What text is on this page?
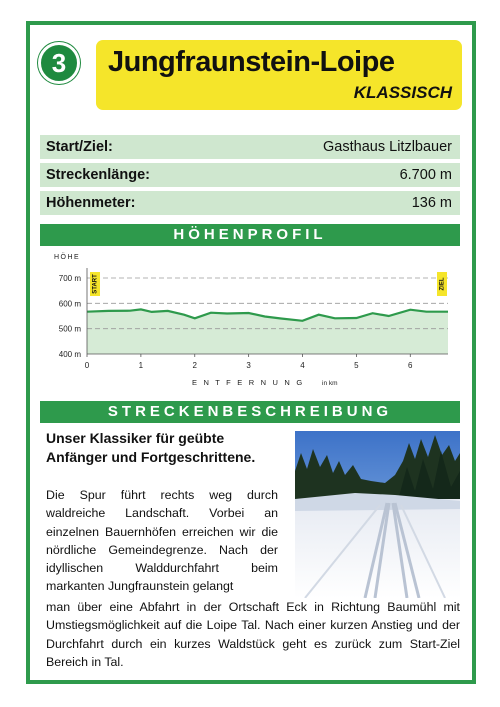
3	Jungfraunstein-Loipe
KLASSISCH
Start/Ziel:	Gasthaus Litzlbauer
Streckenlänge:	6.700 m
Höhenmeter:	136 m
HÖHENPROFIL
700 m
600 m
500 m
400 m
HÖHE
0	1	2	3	4	5	6
E N T F E R N U N G	in km
START	ZIEL
STRECKENBESCHREIBUNG
Unser Klassiker für geübte Anfänger und Fortgeschrittene.
Die Spur führt rechts weg durch waldreiche Landschaft. Vorbei an einzelnen Bauernhöfen erreichen wir die nördliche Gemeindegrenze. Nach der idyllischen Walddurchfahrt beim markanten Jungfraunstein gelangt
man über eine Abfahrt in der Ortschaft Eck in Richtung Baumühl mit Umstiegsmöglichkeit auf die Loipe Tal. Nach einer kurzen Anstieg und der Durchfahrt durch ein kurzes Waldstück geht es zurück zum Start-Ziel Bereich in Tal.
